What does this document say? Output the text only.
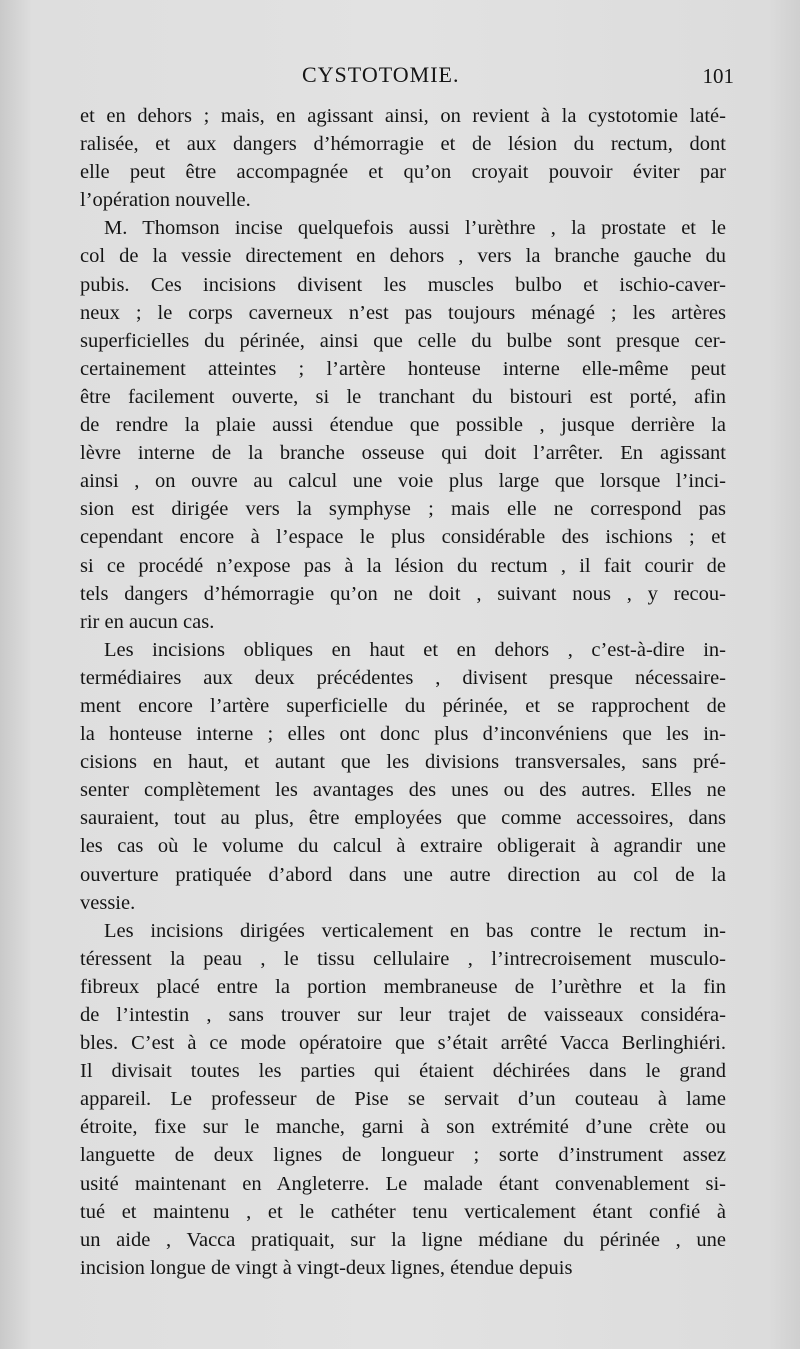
CYSTOTOMIE.	101
et en dehors ; mais, en agissant ainsi, on revient à la cystotomie laté-
ralisée, et aux dangers d’hémorragie et de lésion du rectum, dont
elle peut être accompagnée et qu’on croyait pouvoir éviter par
l’opération nouvelle.
M. Thomson incise quelquefois aussi l’urèthre , la prostate et le
col de la vessie directement en dehors , vers la branche gauche du
pubis. Ces incisions divisent les muscles bulbo et ischio-caver-
neux ; le corps caverneux n’est pas toujours ménagé ; les artères
superficielles du périnée, ainsi que celle du bulbe sont presque cer-
certainement atteintes ; l’artère honteuse interne elle-même peut
être facilement ouverte, si le tranchant du bistouri est porté, afin
de rendre la plaie aussi étendue que possible , jusque derrière la
lèvre interne de la branche osseuse qui doit l’arrêter. En agissant
ainsi , on ouvre au calcul une voie plus large que lorsque l’inci-
sion est dirigée vers la symphyse ; mais elle ne correspond pas
cependant encore à l’espace le plus considérable des ischions ; et
si ce procédé n’expose pas à la lésion du rectum , il fait courir de
tels dangers d’hémorragie qu’on ne doit , suivant nous , y recou-
rir en aucun cas.
Les incisions obliques en haut et en dehors , c’est-à-dire in-
termédiaires aux deux précédentes , divisent presque nécessaire-
ment encore l’artère superficielle du périnée, et se rapprochent de
la honteuse interne ; elles ont donc plus d’inconvéniens que les in-
cisions en haut, et autant que les divisions transversales, sans pré-
senter complètement les avantages des unes ou des autres. Elles ne
sauraient, tout au plus, être employées que comme accessoires, dans
les cas où le volume du calcul à extraire obligerait à agrandir une
ouverture pratiquée d’abord dans une autre direction au col de la
vessie.
Les incisions dirigées verticalement en bas contre le rectum in-
téressent la peau , le tissu cellulaire , l’intrecroisement musculo-
fibreux placé entre la portion membraneuse de l’urèthre et la fin
de l’intestin , sans trouver sur leur trajet de vaisseaux considéra-
bles. C’est à ce mode opératoire que s’était arrêté Vacca Berlinghiéri.
Il divisait toutes les parties qui étaient déchirées dans le grand
appareil. Le professeur de Pise se servait d’un couteau à lame
étroite, fixe sur le manche, garni à son extrémité d’une crète ou
languette de deux lignes de longueur ; sorte d’instrument assez
usité maintenant en Angleterre. Le malade étant convenablement si-
tué et maintenu , et le cathéter tenu verticalement étant confié à
un aide , Vacca pratiquait, sur la ligne médiane du périnée , une
incision longue de vingt à vingt-deux lignes, étendue depuis
